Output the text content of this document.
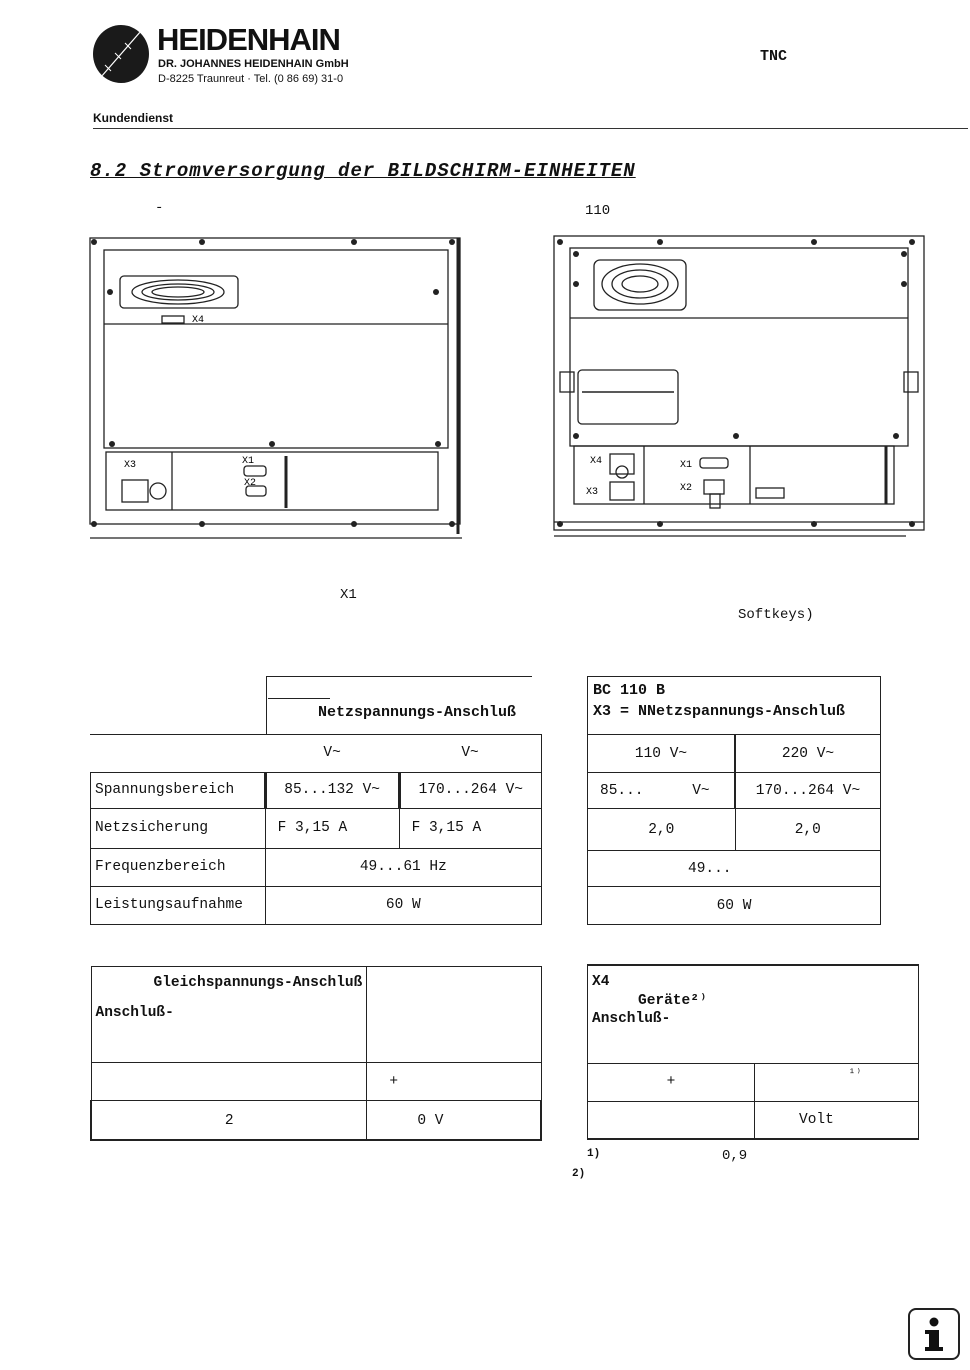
HEIDENHAIN
DR. JOHANNES HEIDENHAIN GmbH
D-8225 Traunreut · Tel. (0 86 69) 31-0
TNC
Kundendienst
8.2 Stromversorgung der BILDSCHIRM-EINHEITEN
-	110
X4
X3	X1
X2
X4
X3
X1
X2
X1
Softkeys)
Netzspannungs-Anschluß
	V~	V~
Spannungsbereich	85...132 V~	170...264 V~
Netzsicherung	F 3,15 A	F 3,15 A
Frequenzbereich	49...61 Hz	
Leistungsaufnahme	60 W	
BC 110 B
X3 = NNetzspannungs-Anschluß
110 V~	220 V~
85... V~	170...264 V~
2,0	2,0
49...	
60 W	
Gleichspannungs-Anschluß
Anschluß-	

	+
2	0 V
X4
Geräte²⁾
Anschluß-	

+	¹⁾
	Volt
1)	0,9
2)
